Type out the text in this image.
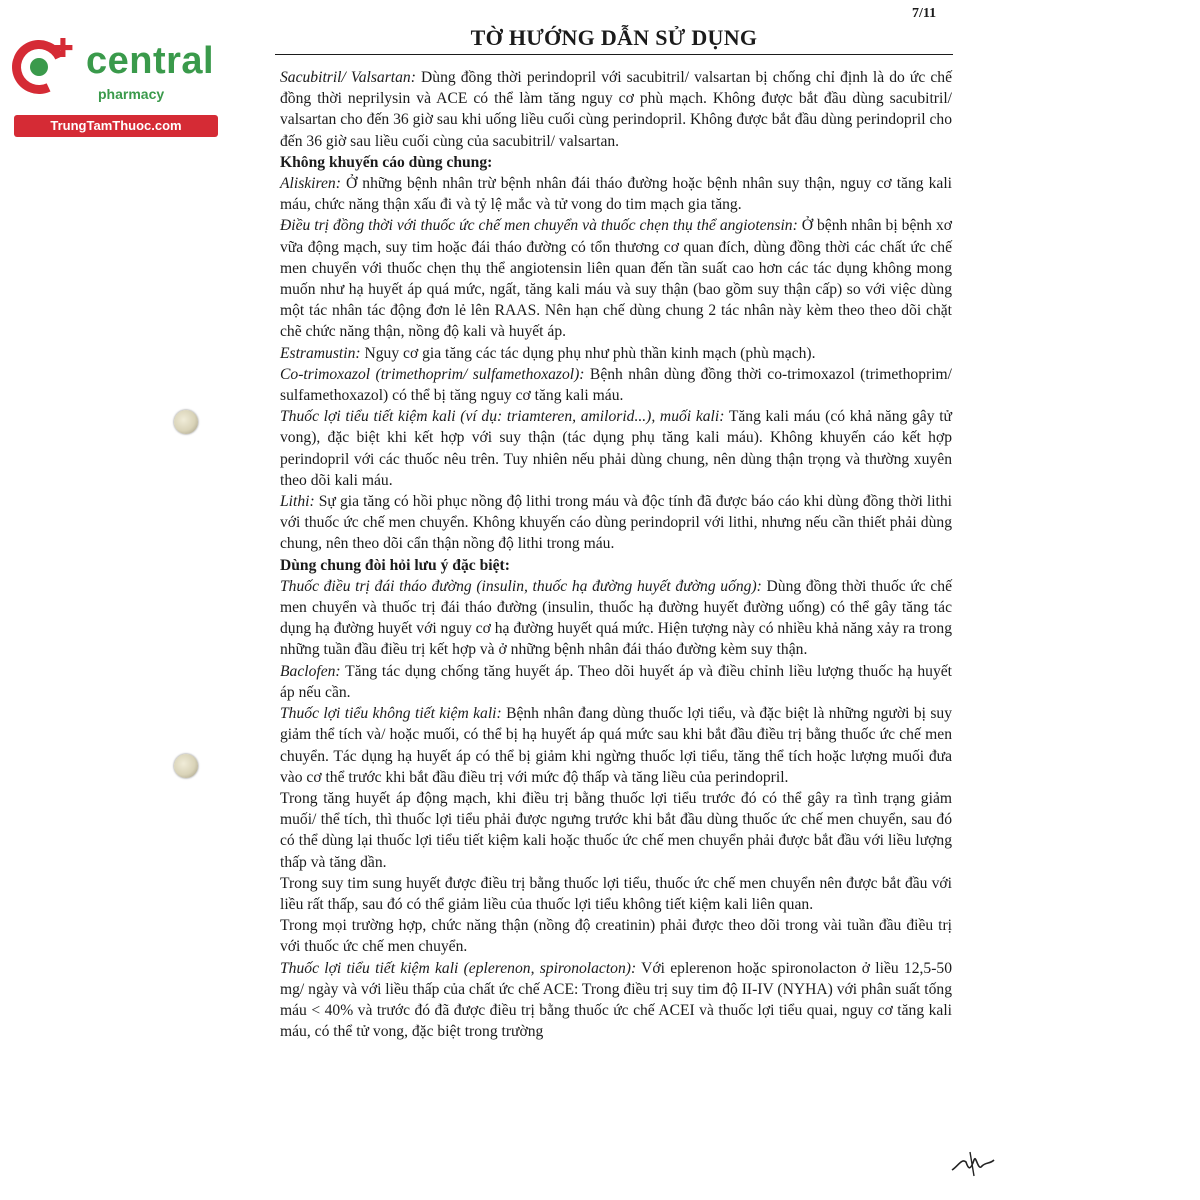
✚ central
pharmacy
TrungTamThuoc.com
7/11
TỜ HƯỚNG DẪN SỬ DỤNG

Sacubitril/ Valsartan: Dùng đồng thời perindopril với sacubitril/ valsartan bị chống chỉ định là do ức chế đồng thời neprilysin và ACE có thể làm tăng nguy cơ phù mạch. Không được bắt đầu dùng sacubitril/ valsartan cho đến 36 giờ sau khi uống liều cuối cùng perindopril. Không được bắt đầu dùng perindopril cho đến 36 giờ sau liều cuối cùng của sacubitril/ valsartan.

Không khuyến cáo dùng chung:

Aliskiren: Ở những bệnh nhân trừ bệnh nhân đái tháo đường hoặc bệnh nhân suy thận, nguy cơ tăng kali máu, chức năng thận xấu đi và tỷ lệ mắc và tử vong do tim mạch gia tăng.

Điều trị đồng thời với thuốc ức chế men chuyển và thuốc chẹn thụ thể angiotensin: Ở bệnh nhân bị bệnh xơ vữa động mạch, suy tim hoặc đái tháo đường có tổn thương cơ quan đích, dùng đồng thời các chất ức chế men chuyển với thuốc chẹn thụ thể angiotensin liên quan đến tần suất cao hơn các tác dụng không mong muốn như hạ huyết áp quá mức, ngất, tăng kali máu và suy thận (bao gồm suy thận cấp) so với việc dùng một tác nhân tác động đơn lẻ lên RAAS. Nên hạn chế dùng chung 2 tác nhân này kèm theo theo dõi chặt chẽ chức năng thận, nồng độ kali và huyết áp.

Estramustin: Nguy cơ gia tăng các tác dụng phụ như phù thần kinh mạch (phù mạch).

Co-trimoxazol (trimethoprim/ sulfamethoxazol): Bệnh nhân dùng đồng thời co-trimoxazol (trimethoprim/ sulfamethoxazol) có thể bị tăng nguy cơ tăng kali máu.

Thuốc lợi tiểu tiết kiệm kali (ví dụ: triamteren, amilorid...), muối kali: Tăng kali máu (có khả năng gây tử vong), đặc biệt khi kết hợp với suy thận (tác dụng phụ tăng kali máu). Không khuyến cáo kết hợp perindopril với các thuốc nêu trên. Tuy nhiên nếu phải dùng chung, nên dùng thận trọng và thường xuyên theo dõi kali máu.

Lithi: Sự gia tăng có hồi phục nồng độ lithi trong máu và độc tính đã được báo cáo khi dùng đồng thời lithi với thuốc ức chế men chuyển. Không khuyến cáo dùng perindopril với lithi, nhưng nếu cần thiết phải dùng chung, nên theo dõi cẩn thận nồng độ lithi trong máu.

Dùng chung đòi hỏi lưu ý đặc biệt:

Thuốc điều trị đái tháo đường (insulin, thuốc hạ đường huyết đường uống): Dùng đồng thời thuốc ức chế men chuyển và thuốc trị đái tháo đường (insulin, thuốc hạ đường huyết đường uống) có thể gây tăng tác dụng hạ đường huyết với nguy cơ hạ đường huyết quá mức. Hiện tượng này có nhiều khả năng xảy ra trong những tuần đầu điều trị kết hợp và ở những bệnh nhân đái tháo đường kèm suy thận.

Baclofen: Tăng tác dụng chống tăng huyết áp. Theo dõi huyết áp và điều chỉnh liều lượng thuốc hạ huyết áp nếu cần.

Thuốc lợi tiểu không tiết kiệm kali: Bệnh nhân đang dùng thuốc lợi tiểu, và đặc biệt là những người bị suy giảm thể tích và/ hoặc muối, có thể bị hạ huyết áp quá mức sau khi bắt đầu điều trị bằng thuốc ức chế men chuyển. Tác dụng hạ huyết áp có thể bị giảm khi ngừng thuốc lợi tiểu, tăng thể tích hoặc lượng muối đưa vào cơ thể trước khi bắt đầu điều trị với mức độ thấp và tăng liều của perindopril.

Trong tăng huyết áp động mạch, khi điều trị bằng thuốc lợi tiểu trước đó có thể gây ra tình trạng giảm muối/ thể tích, thì thuốc lợi tiểu phải được ngưng trước khi bắt đầu dùng thuốc ức chế men chuyển, sau đó có thể dùng lại thuốc lợi tiểu tiết kiệm kali hoặc thuốc ức chế men chuyển phải được bắt đầu với liều lượng thấp và tăng dần.

Trong suy tim sung huyết được điều trị bằng thuốc lợi tiểu, thuốc ức chế men chuyển nên được bắt đầu với liều rất thấp, sau đó có thể giảm liều của thuốc lợi tiểu không tiết kiệm kali liên quan.

Trong mọi trường hợp, chức năng thận (nồng độ creatinin) phải được theo dõi trong vài tuần đầu điều trị với thuốc ức chế men chuyển.

Thuốc lợi tiểu tiết kiệm kali (eplerenon, spironolacton): Với eplerenon hoặc spironolacton ở liều 12,5-50 mg/ ngày và với liều thấp của chất ức chế ACE: Trong điều trị suy tim độ II-IV (NYHA) với phân suất tống máu < 40% và trước đó đã được điều trị bằng thuốc ức chế ACEI và thuốc lợi tiểu quai, nguy cơ tăng kali máu, có thể tử vong, đặc biệt trong trường
